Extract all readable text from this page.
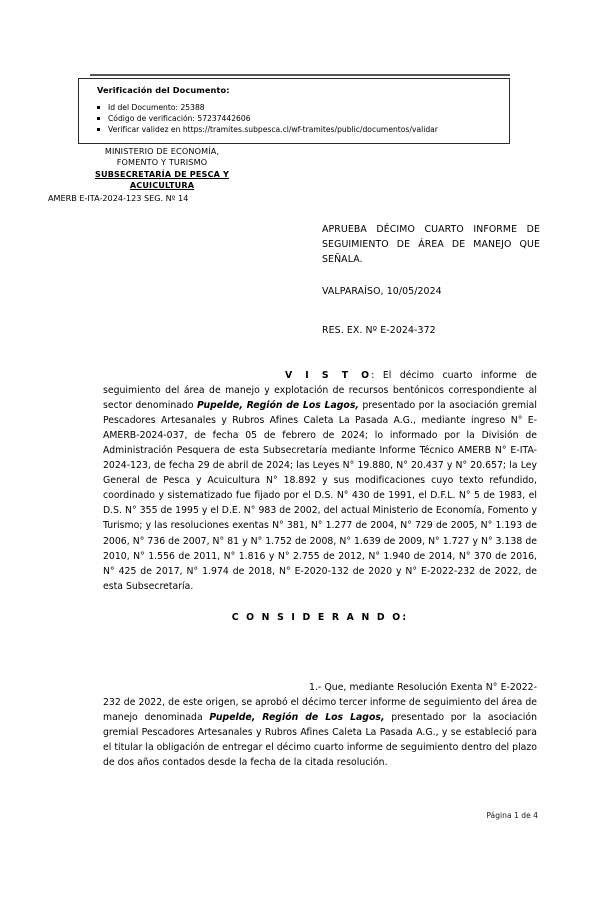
Verificación del Documento:
Id del Documento: 25388
Código de verificación: 57237442606
Verificar validez en https://tramites.subpesca.cl/wf-tramites/public/documentos/validar
MINISTERIO DE ECONOMÍA,
FOMENTO Y TURISMO
SUBSECRETARÍA DE PESCA Y
ACUICULTURA
AMERB E-ITA-2024-123 SEG. Nº 14
APRUEBA DÉCIMO CUARTO INFORME DE SEGUIMIENTO DE ÁREA DE MANEJO QUE SEÑALA.
VALPARAÍSO, 10/05/2024
RES. EX. Nº E-2024-372
V I S T O: El décimo cuarto informe de seguimiento del área de manejo y explotación de recursos bentónicos correspondiente al sector denominado Pupelde, Región de Los Lagos, presentado por la asociación gremial Pescadores Artesanales y Rubros Afines Caleta La Pasada A.G., mediante ingreso N° E-AMERB-2024-037, de fecha 05 de febrero de 2024; lo informado por la División de Administración Pesquera de esta Subsecretaría mediante Informe Técnico AMERB N° E-ITA-2024-123, de fecha 29 de abril de 2024; las Leyes N° 19.880, N° 20.437 y N° 20.657; la Ley General de Pesca y Acuicultura N° 18.892 y sus modificaciones cuyo texto refundido, coordinado y sistematizado fue fijado por el D.S. N° 430 de 1991, el D.F.L. N° 5 de 1983, el D.S. N° 355 de 1995 y el D.E. N° 983 de 2002, del actual Ministerio de Economía, Fomento y Turismo; y las resoluciones exentas N° 381, N° 1.277 de 2004, N° 729 de 2005, N° 1.193 de 2006, N° 736 de 2007, N° 81 y N° 1.752 de 2008, N° 1.639 de 2009, N° 1.727 y N° 3.138 de 2010, N° 1.556 de 2011, N° 1.816 y N° 2.755 de 2012, N° 1.940 de 2014, N° 370 de 2016, N° 425 de 2017, N° 1.974 de 2018, N° E-2020-132 de 2020 y N° E-2022-232 de 2022, de esta Subsecretaría.
C O N S I D E R A N D O:
1.- Que, mediante Resolución Exenta N° E-2022-232 de 2022, de este origen, se aprobó el décimo tercer informe de seguimiento del área de manejo denominada Pupelde, Región de Los Lagos, presentado por la asociación gremial Pescadores Artesanales y Rubros Afines Caleta La Pasada A.G., y se estableció para el titular la obligación de entregar el décimo cuarto informe de seguimiento dentro del plazo de dos años contados desde la fecha de la citada resolución.
Página 1 de 4
